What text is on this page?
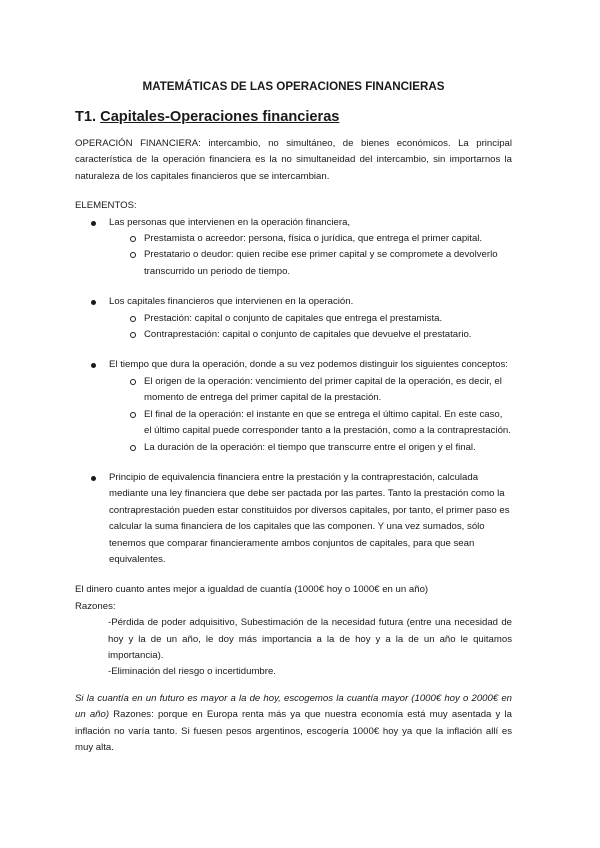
MATEMÁTICAS DE LAS OPERACIONES FINANCIERAS
T1. Capitales-Operaciones financieras

OPERACIÓN FINANCIERA: intercambio, no simultáneo, de bienes económicos. La principal característica de la operación financiera es la no simultaneidad del intercambio, sin importarnos la naturaleza de los capitales financieros que se intercambian.

ELEMENTOS:
Las personas que intervienen en la operación financiera,
Prestamista o acreedor: persona, física o jurídica, que entrega el primer capital.
Prestatario o deudor: quien recibe ese primer capital y se compromete a devolverlo transcurrido un periodo de tiempo.
Los capitales financieros que intervienen en la operación.
Prestación: capital o conjunto de capitales que entrega el prestamista.
Contraprestación: capital o conjunto de capitales que devuelve el prestatario.
El tiempo que dura la operación, donde a su vez podemos distinguir los siguientes conceptos:
El origen de la operación: vencimiento del primer capital de la operación, es decir, el momento de entrega del primer capital de la prestación.
El final de la operación: el instante en que se entrega el último capital. En este caso, el último capital puede corresponder tanto a la prestación, como a la contraprestación.
La duración de la operación: el tiempo que transcurre entre el origen y el final.
Principio de equivalencia financiera entre la prestación y la contraprestación, calculada mediante una ley financiera que debe ser pactada por las partes. Tanto la prestación como la contraprestación pueden estar constituidos por diversos capitales, por tanto, el primer paso es calcular la suma financiera de los capitales que las componen. Y una vez sumados, sólo tenemos que comparar financieramente ambos conjuntos de capitales, para que sean equivalentes.
El dinero cuanto antes mejor a igualdad de cuantía (1000€ hoy o 1000€ en un año)
Razones:
-Pérdida de poder adquisitivo, Subestimación de la necesidad futura (entre una necesidad de hoy y la de un año, le doy más importancia a la de hoy y a la de un año le quitamos importancia).
-Eliminación del riesgo o incertidumbre.

Si la cuantía en un futuro es mayor a la de hoy, escogemos la cuantía mayor (1000€ hoy o 2000€ en un año) Razones: porque en Europa renta más ya que nuestra economía está muy asentada y la inflación no varía tanto. Si fuesen pesos argentinos, escogería 1000€ hoy ya que la inflación allí es muy alta.
